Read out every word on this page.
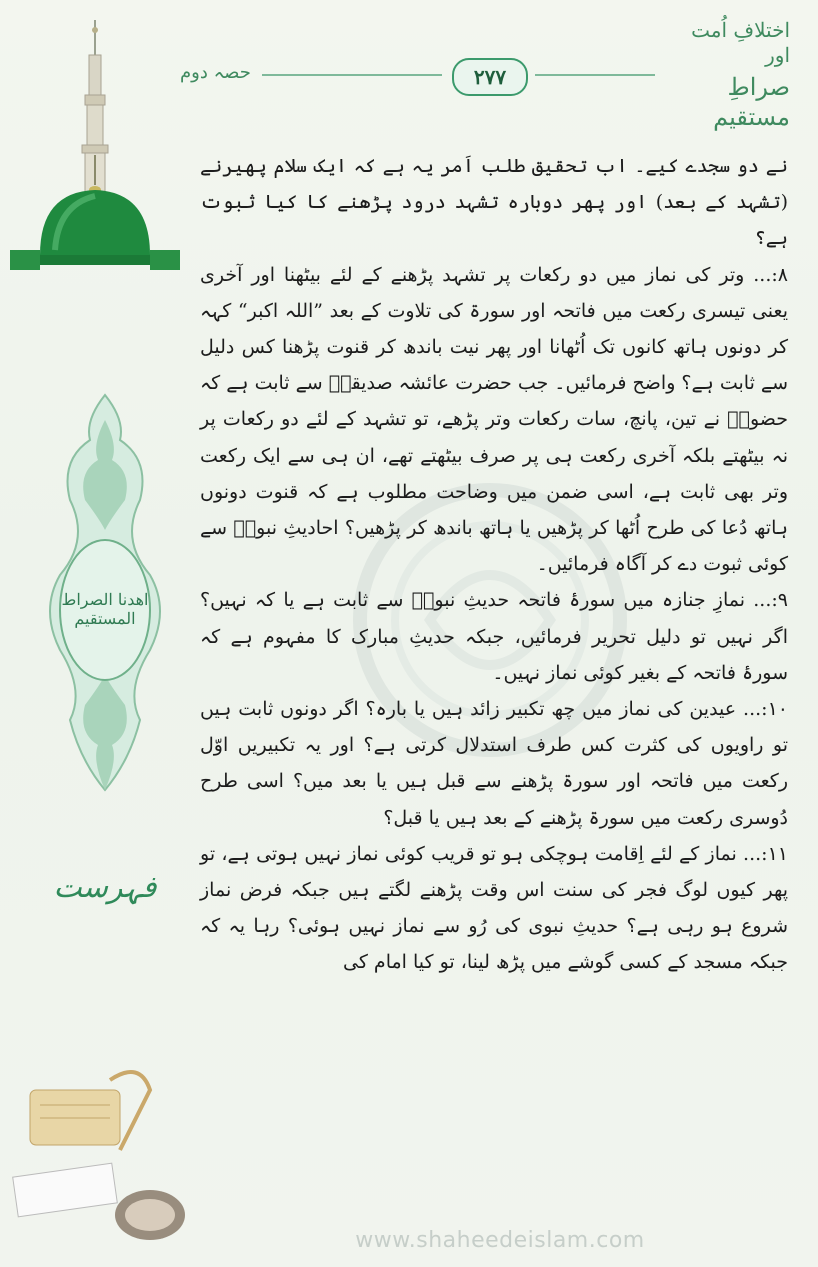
اھدنا الصراط المستقیم
فہرست
اختلافِ اُمت اور
صراطِ مستقیم
حصہ دوم	۲۷۷

نے دو سجدے کیے۔ اب تحقیق طلب اَمر یہ ہے کہ ایک سلام پھیرنے (تشہد کے بعد) اور پھر دوبارہ تشہد درود پڑھنے کا کیا ثبوت ہے؟

۸:... وتر کی نماز میں دو رکعات پر تشہد پڑھنے کے لئے بیٹھنا اور آخری یعنی تیسری رکعت میں فاتحہ اور سورۃ کی تلاوت کے بعد ”اللہ اکبر“ کہہ کر دونوں ہاتھ کانوں تک اُٹھانا اور پھر نیت باندھ کر قنوت پڑھنا کس دلیل سے ثابت ہے؟ واضح فرمائیں۔ جب حضرت عائشہ صدیقہؓ سے ثابت ہے کہ حضورؐ نے تین، پانچ، سات رکعات وتر پڑھے، تو تشہد کے لئے دو رکعات پر نہ بیٹھتے بلکہ آخری رکعت ہی پر صرف بیٹھتے تھے، ان ہی سے ایک رکعت وتر بھی ثابت ہے، اسی ضمن میں وضاحت مطلوب ہے کہ قنوت دونوں ہاتھ دُعا کی طرح اُٹھا کر پڑھیں یا ہاتھ باندھ کر پڑھیں؟ احادیثِ نبویؐ سے کوئی ثبوت دے کر آگاہ فرمائیں۔

۹:... نمازِ جنازہ میں سورۂ فاتحہ حدیثِ نبویؐ سے ثابت ہے یا کہ نہیں؟ اگر نہیں تو دلیل تحریر فرمائیں، جبکہ حدیثِ مبارک کا مفہوم ہے کہ سورۂ فاتحہ کے بغیر کوئی نماز نہیں۔

۱۰:... عیدین کی نماز میں چھ تکبیر زائد ہیں یا بارہ؟ اگر دونوں ثابت ہیں تو راویوں کی کثرت کس طرف استدلال کرتی ہے؟ اور یہ تکبیریں اوّل رکعت میں فاتحہ اور سورۃ پڑھنے سے قبل ہیں یا بعد میں؟ اسی طرح دُوسری رکعت میں سورۃ پڑھنے کے بعد ہیں یا قبل؟

۱۱:... نماز کے لئے اِقامت ہوچکی ہو تو قریب کوئی نماز نہیں ہوتی ہے، تو پھر کیوں لوگ فجر کی سنت اس وقت پڑھنے لگتے ہیں جبکہ فرض نماز شروع ہو رہی ہے؟ حدیثِ نبوی کی رُو سے نماز نہیں ہوئی؟ رہا یہ کہ جبکہ مسجد کے کسی گوشے میں پڑھ لینا، تو کیا امام کی

www.shaheedeislam.com
